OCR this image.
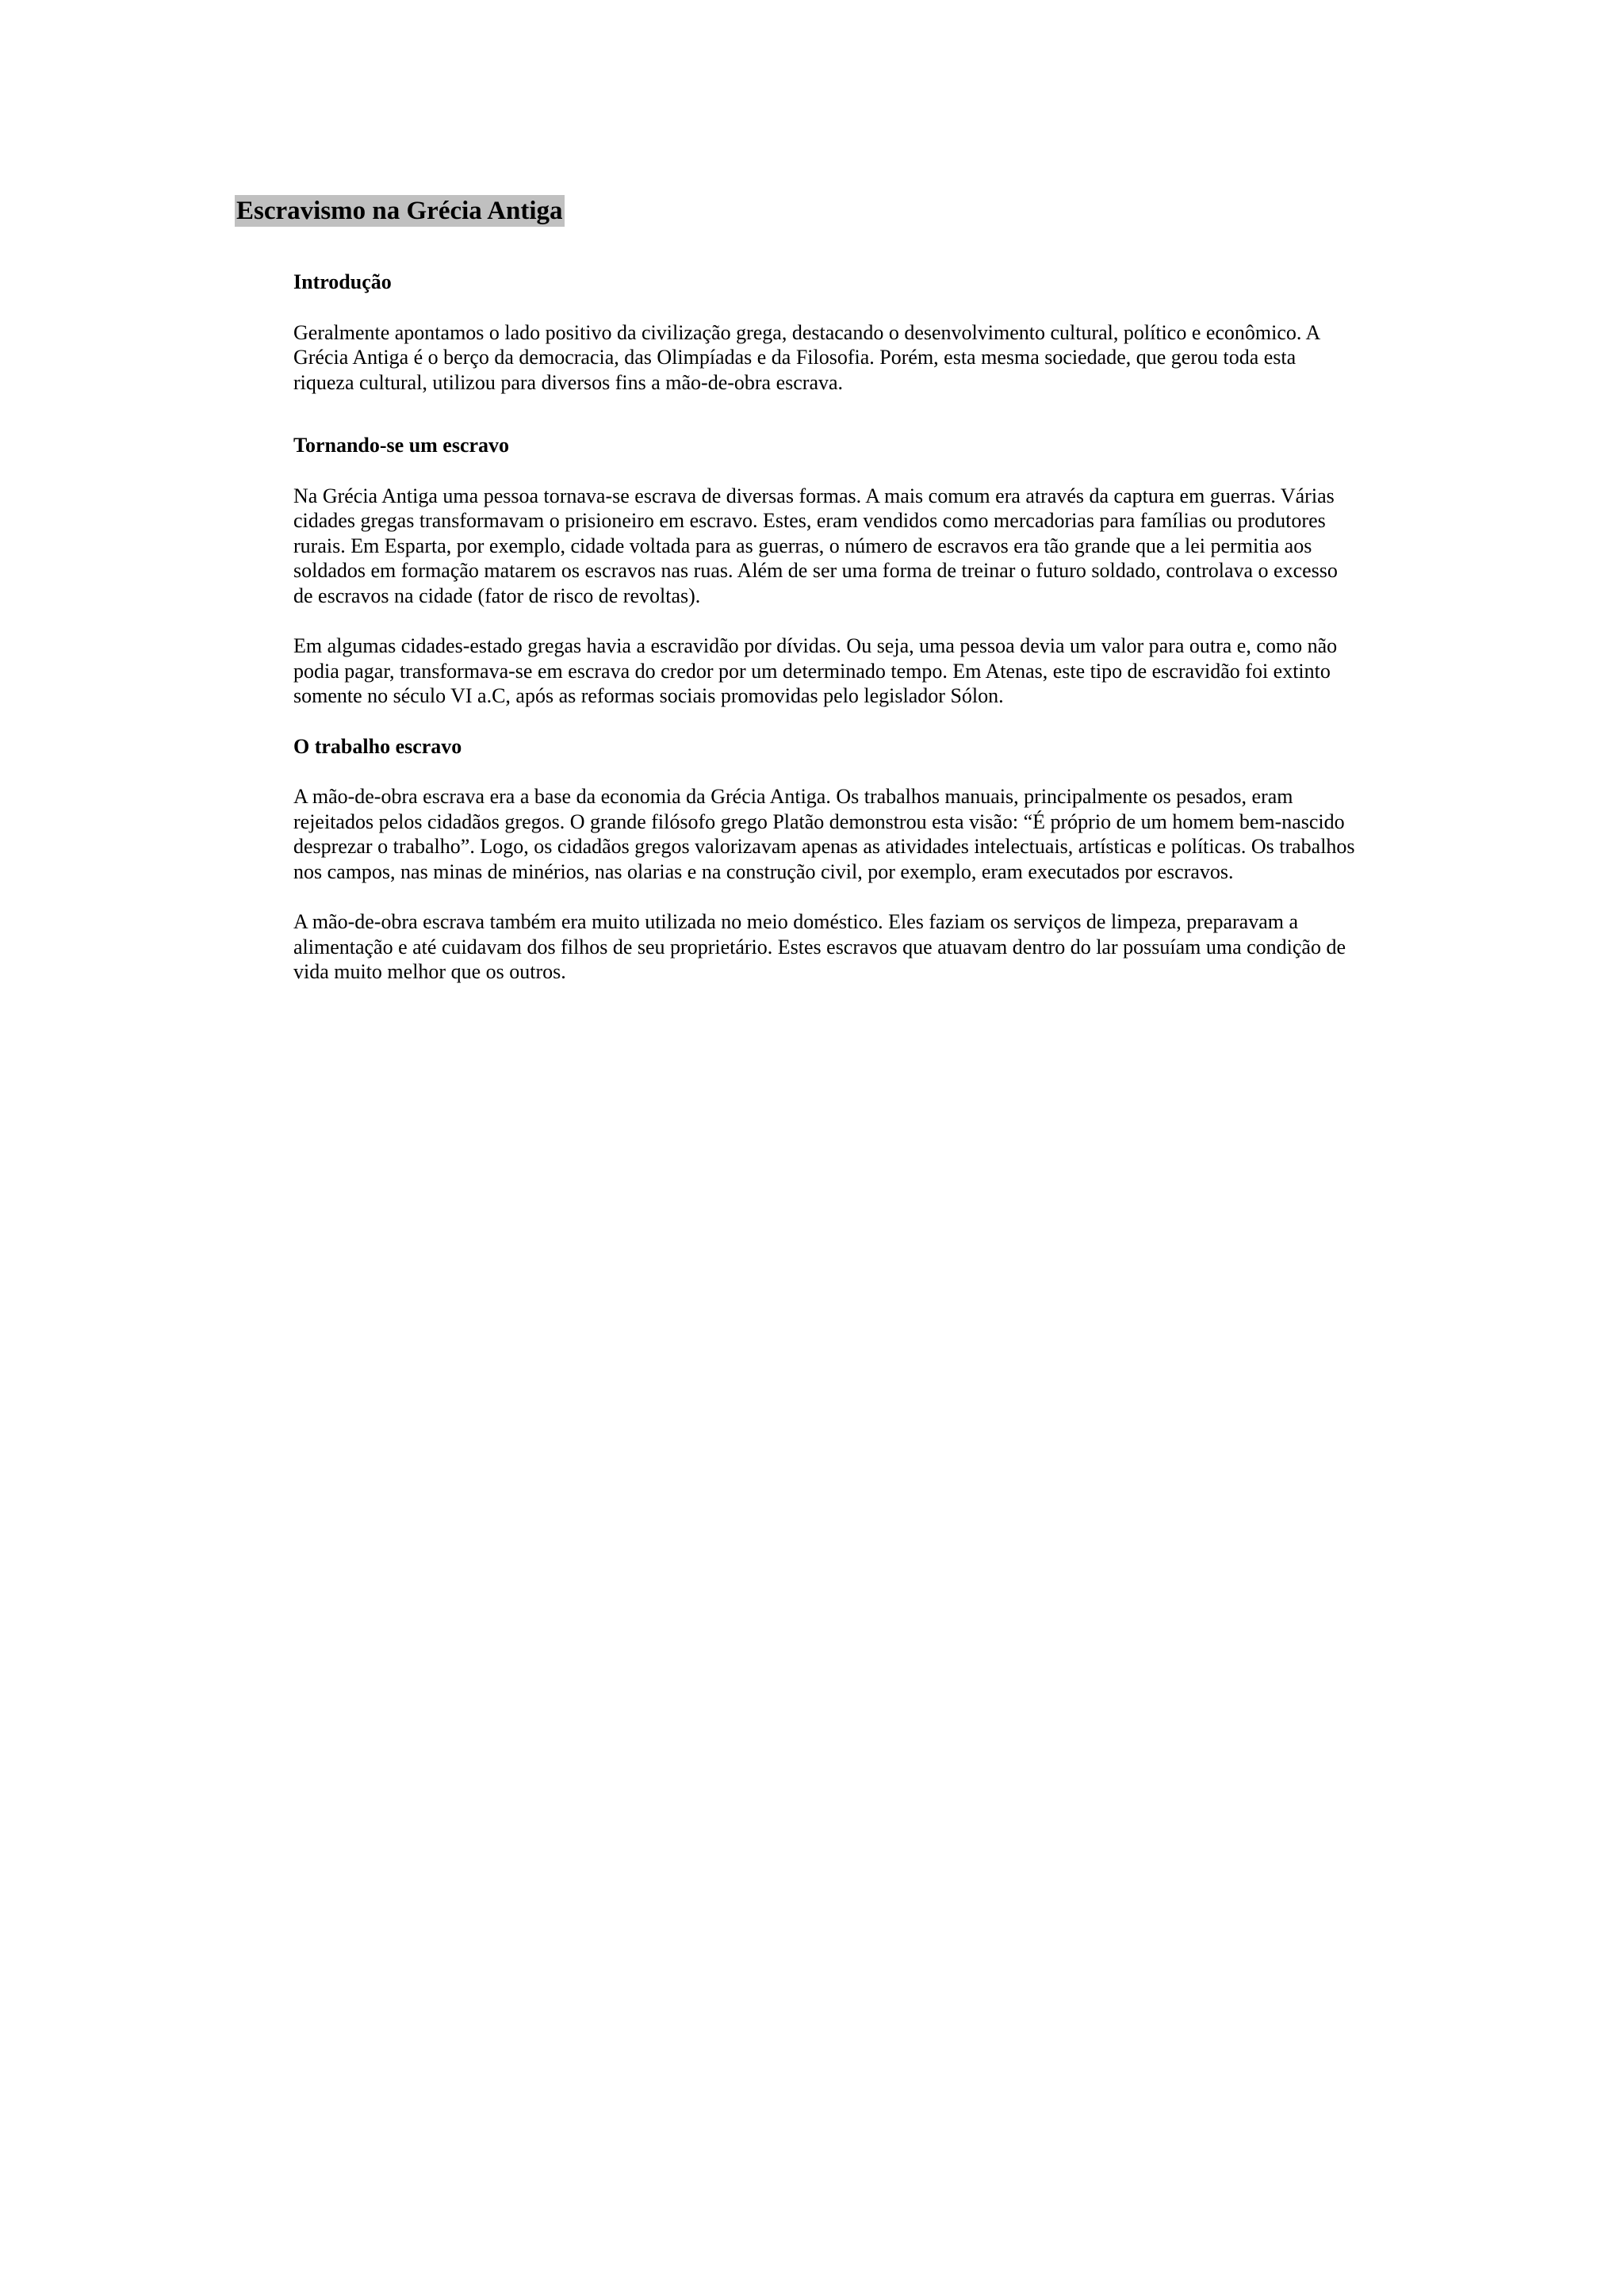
Escravismo na Grécia Antiga
Introdução

Geralmente apontamos o lado positivo da civilização grega, destacando o desenvolvimento cultural, político e econômico. A Grécia Antiga é o berço da democracia, das Olimpíadas e da Filosofia. Porém, esta mesma sociedade, que gerou toda esta riqueza cultural, utilizou para diversos fins a mão-de-obra escrava.

Tornando-se um escravo

Na Grécia Antiga uma pessoa tornava-se escrava de diversas formas. A mais comum era através da captura em guerras. Várias cidades gregas transformavam o prisioneiro em escravo. Estes, eram vendidos como mercadorias para famílias ou produtores rurais. Em Esparta, por exemplo, cidade voltada para as guerras, o número de escravos era tão grande que a lei permitia aos soldados em formação matarem os escravos nas ruas. Além de ser uma forma de treinar o futuro soldado, controlava o excesso de escravos na cidade (fator de risco de revoltas).

Em algumas cidades-estado gregas havia a escravidão por dívidas. Ou seja, uma pessoa devia um valor para outra e, como não podia pagar, transformava-se em escrava do credor por um determinado tempo. Em Atenas, este tipo de escravidão foi extinto somente no século VI a.C, após as reformas sociais promovidas pelo legislador Sólon.

O trabalho escravo

A mão-de-obra escrava era a base da economia da Grécia Antiga. Os trabalhos manuais, principalmente os pesados, eram rejeitados pelos cidadãos gregos. O grande filósofo grego Platão demonstrou esta visão: “É próprio de um homem bem-nascido desprezar o trabalho”. Logo, os cidadãos gregos valorizavam apenas as atividades intelectuais, artísticas e políticas. Os trabalhos nos campos, nas minas de minérios, nas olarias e na construção civil, por exemplo, eram executados por escravos.

A mão-de-obra escrava também era muito utilizada no meio doméstico. Eles faziam os serviços de limpeza, preparavam a alimentação e até cuidavam dos filhos de seu proprietário. Estes escravos que atuavam dentro do lar possuíam uma condição de vida muito melhor que os outros.
